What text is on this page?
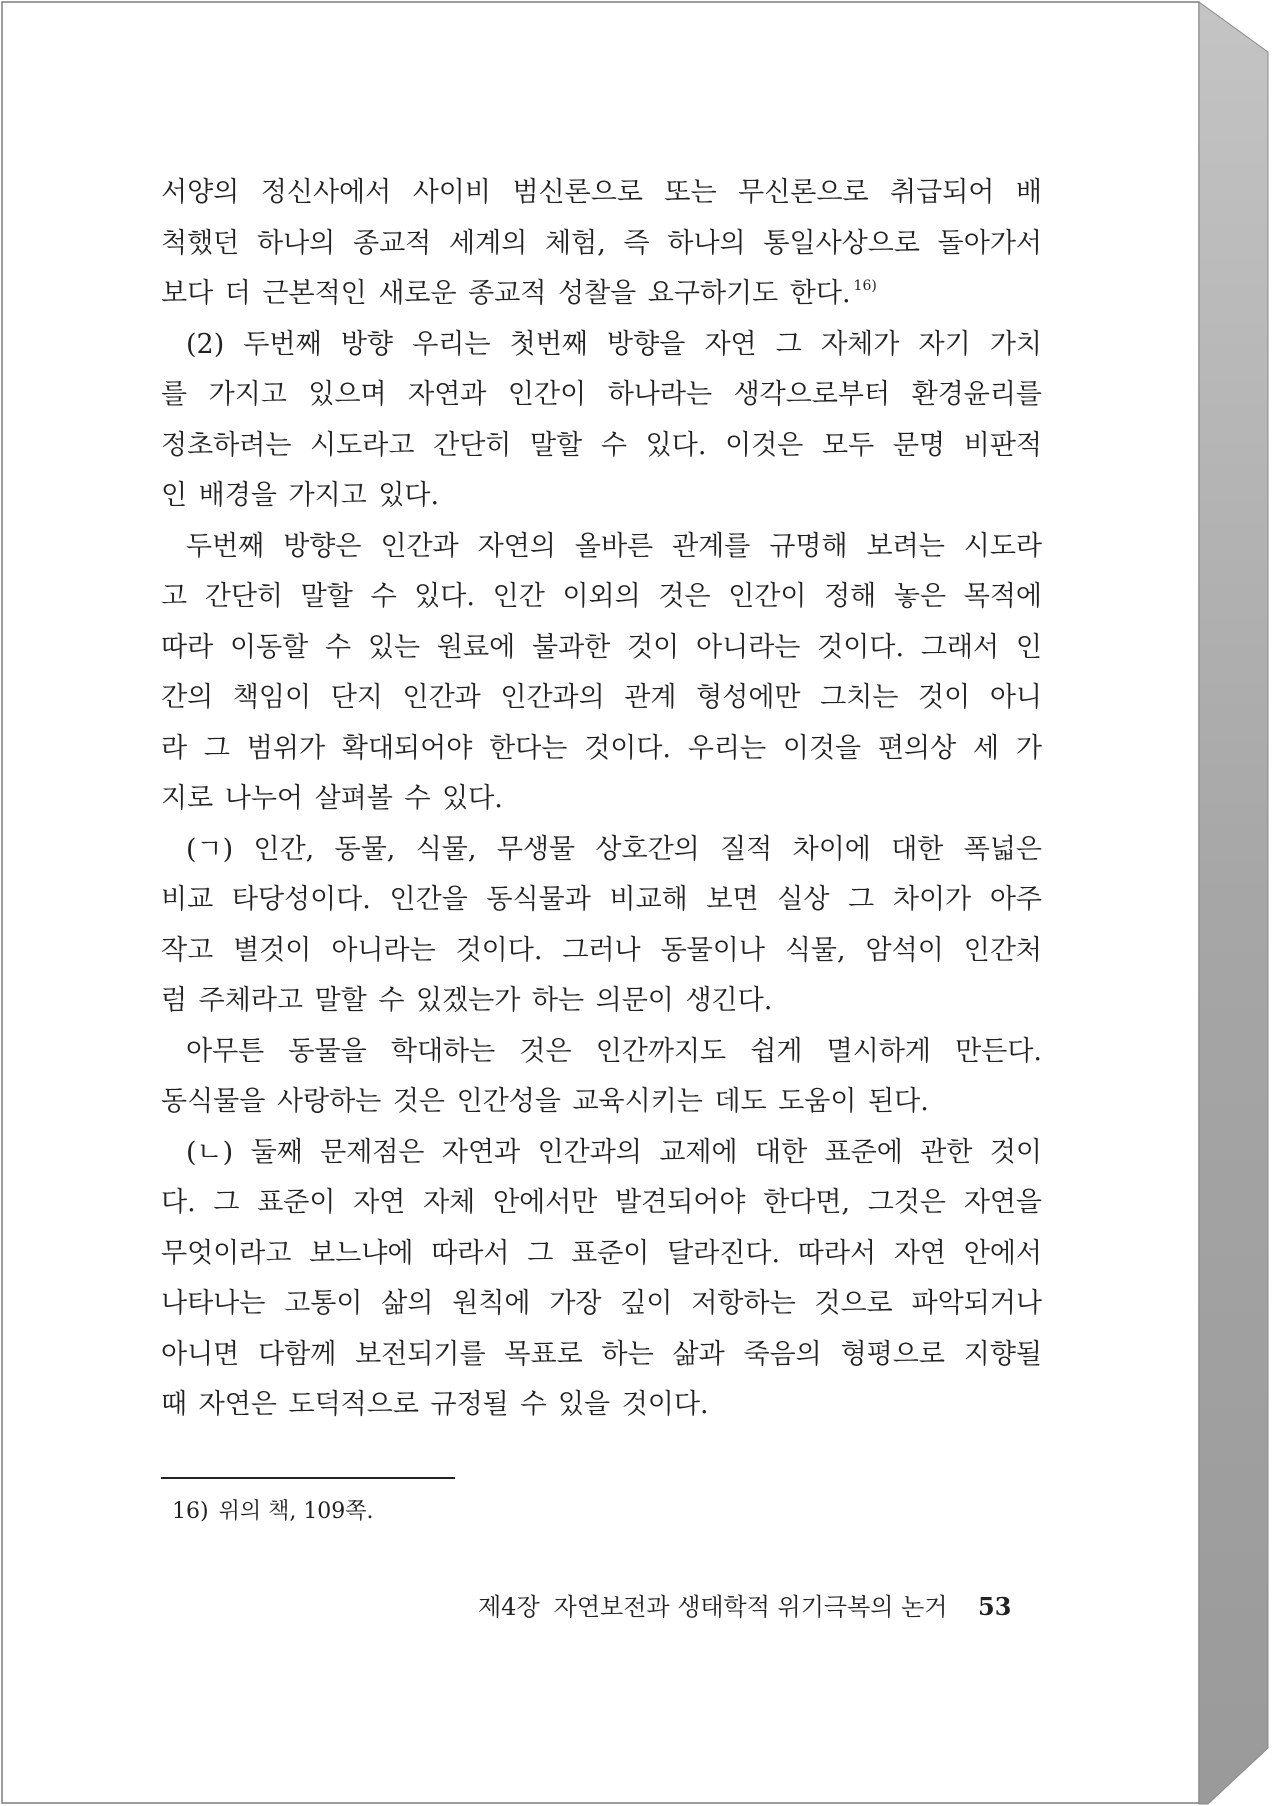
서양의 정신사에서 사이비 범신론으로 또는 무신론으로 취급되어 배
척했던 하나의 종교적 세계의 체험, 즉 하나의 통일사상으로 돌아가서
보다 더 근본적인 새로운 종교적 성찰을 요구하기도 한다. $^{16)}$
(2) 두번째 방향 우리는 첫번째 방향을 자연 그 자체가 자기 가치
를 가지고 있으며 자연과 인간이 하나라는 생각으로부터 환경윤리를
정초하려는 시도라고 간단히 말할 수 있다. 이것은 모두 문명 비판적
인 배경을 가지고 있다.
두번째 방향은 인간과 자연의 올바른 관계를 규명해 보려는 시도라
고 간단히 말할 수 있다. 인간 이외의 것은 인간이 정해 놓은 목적에
따라 이동할 수 있는 원료에 불과한 것이 아니라는 것이다. 그래서 인
간의 책임이 단지 인간과 인간과의 관계 형성에만 그치는 것이 아니
라 그 범위가 확대되어야 한다는 것이다. 우리는 이것을 편의상 세 가
지로 나누어 살펴볼 수 있다.
(ㄱ) 인간, 동물, 식물, 무생물 상호간의 질적 차이에 대한 폭넓은
비교 타당성이다. 인간을 동식물과 비교해 보면 실상 그 차이가 아주
작고 별것이 아니라는 것이다. 그러나 동물이나 식물, 암석이 인간처
럼 주체라고 말할 수 있겠는가 하는 의문이 생긴다.
아무튼 동물을 학대하는 것은 인간까지도 쉽게 멸시하게 만든다.
동식물을 사랑하는 것은 인간성을 교육시키는 데도 도움이 된다.
(ㄴ) 둘째 문제점은 자연과 인간과의 교제에 대한 표준에 관한 것이
다. 그 표준이 자연 자체 안에서만 발견되어야 한다면, 그것은 자연을
무엇이라고 보느냐에 따라서 그 표준이 달라진다. 따라서 자연 안에서
나타나는 고통이 삶의 원칙에 가장 깊이 저항하는 것으로 파악되거나
아니면 다함께 보전되기를 목표로 하는 삶과 죽음의 형평으로 지향될
때 자연은 도덕적으로 규정될 수 있을 것이다.
16) 위의 책, 109쪽.
제4장 자연보전과 생태학적 위기극복의 논거 53
